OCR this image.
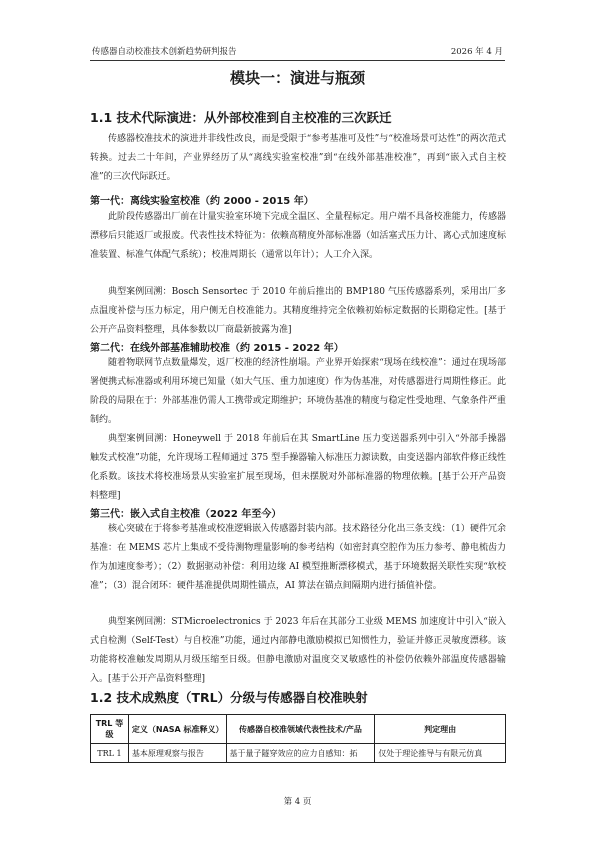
传感器自动校准技术创新趋势研判报告	2026 年 4 月
模块一：演进与瓶颈
1.1 技术代际演进：从外部校准到自主校准的三次跃迁

传感器校准技术的演进并非线性改良，而是受限于“参考基准可及性”与“校准场景可达性”的两次范式转换。过去二十年间，产业界经历了从“离线实验室校准”到“在线外部基准校准”，再到“嵌入式自主校准”的三次代际跃迁。

第一代：离线实验室校准（约 2000 - 2015 年）

此阶段传感器出厂前在计量实验室环境下完成全温区、全量程标定。用户端不具备校准能力，传感器漂移后只能返厂或报废。代表性技术特征为：依赖高精度外部标准器（如活塞式压力计、离心式加速度标准装置、标准气体配气系统）；校准周期长（通常以年计）；人工介入深。

典型案例回溯：Bosch Sensortec 于 2010 年前后推出的 BMP180 气压传感器系列，采用出厂多点温度补偿与压力标定，用户侧无自校准能力。其精度维持完全依赖初始标定数据的长期稳定性。[基于公开产品资料整理，具体参数以厂商最新披露为准]

第二代：在线外部基准辅助校准（约 2015 - 2022 年）

随着物联网节点数量爆发，返厂校准的经济性崩塌。产业界开始探索“现场在线校准”：通过在现场部署便携式标准器或利用环境已知量（如大气压、重力加速度）作为伪基准，对传感器进行周期性修正。此阶段的局限在于：外部基准仍需人工携带或定期维护；环境伪基准的精度与稳定性受地理、气象条件严重制约。

典型案例回溯：Honeywell 于 2018 年前后在其 SmartLine 压力变送器系列中引入“外部手操器触发式校准”功能，允许现场工程师通过 375 型手操器输入标准压力源读数，由变送器内部软件修正线性化系数。该技术将校准场景从实验室扩展至现场，但未摆脱对外部标准器的物理依赖。[基于公开产品资料整理]

第三代：嵌入式自主校准（2022 年至今）

核心突破在于将参考基准或校准逻辑嵌入传感器封装内部。技术路径分化出三条支线：（1）硬件冗余基准：在 MEMS 芯片上集成不受待测物理量影响的参考结构（如密封真空腔作为压力参考、静电梳齿力作为加速度参考）；（2）数据驱动补偿：利用边缘 AI 模型推断漂移模式，基于环境数据关联性实现“软校准”；（3）混合闭环：硬件基准提供周期性锚点，AI 算法在锚点间隔期内进行插值补偿。

典型案例回溯：STMicroelectronics 于 2023 年后在其部分工业级 MEMS 加速度计中引入“嵌入式自检测（Self-Test）与自校准”功能，通过内部静电激励模拟已知惯性力，验证并修正灵敏度漂移。该功能将校准触发周期从月级压缩至日级。但静电激励对温度交叉敏感性的补偿仍依赖外部温度传感器输入。[基于公开产品资料整理]

1.2 技术成熟度（TRL）分级与传感器自校准映射
TRL 等级	定义（NASA 标准释义）	传感器自校准领域代表性技术/产品	判定理由
TRL 1	基本原理观察与报告	基于量子隧穿效应的应力自感知：拓	仅处于理论推导与有限元仿真
第 4 页
